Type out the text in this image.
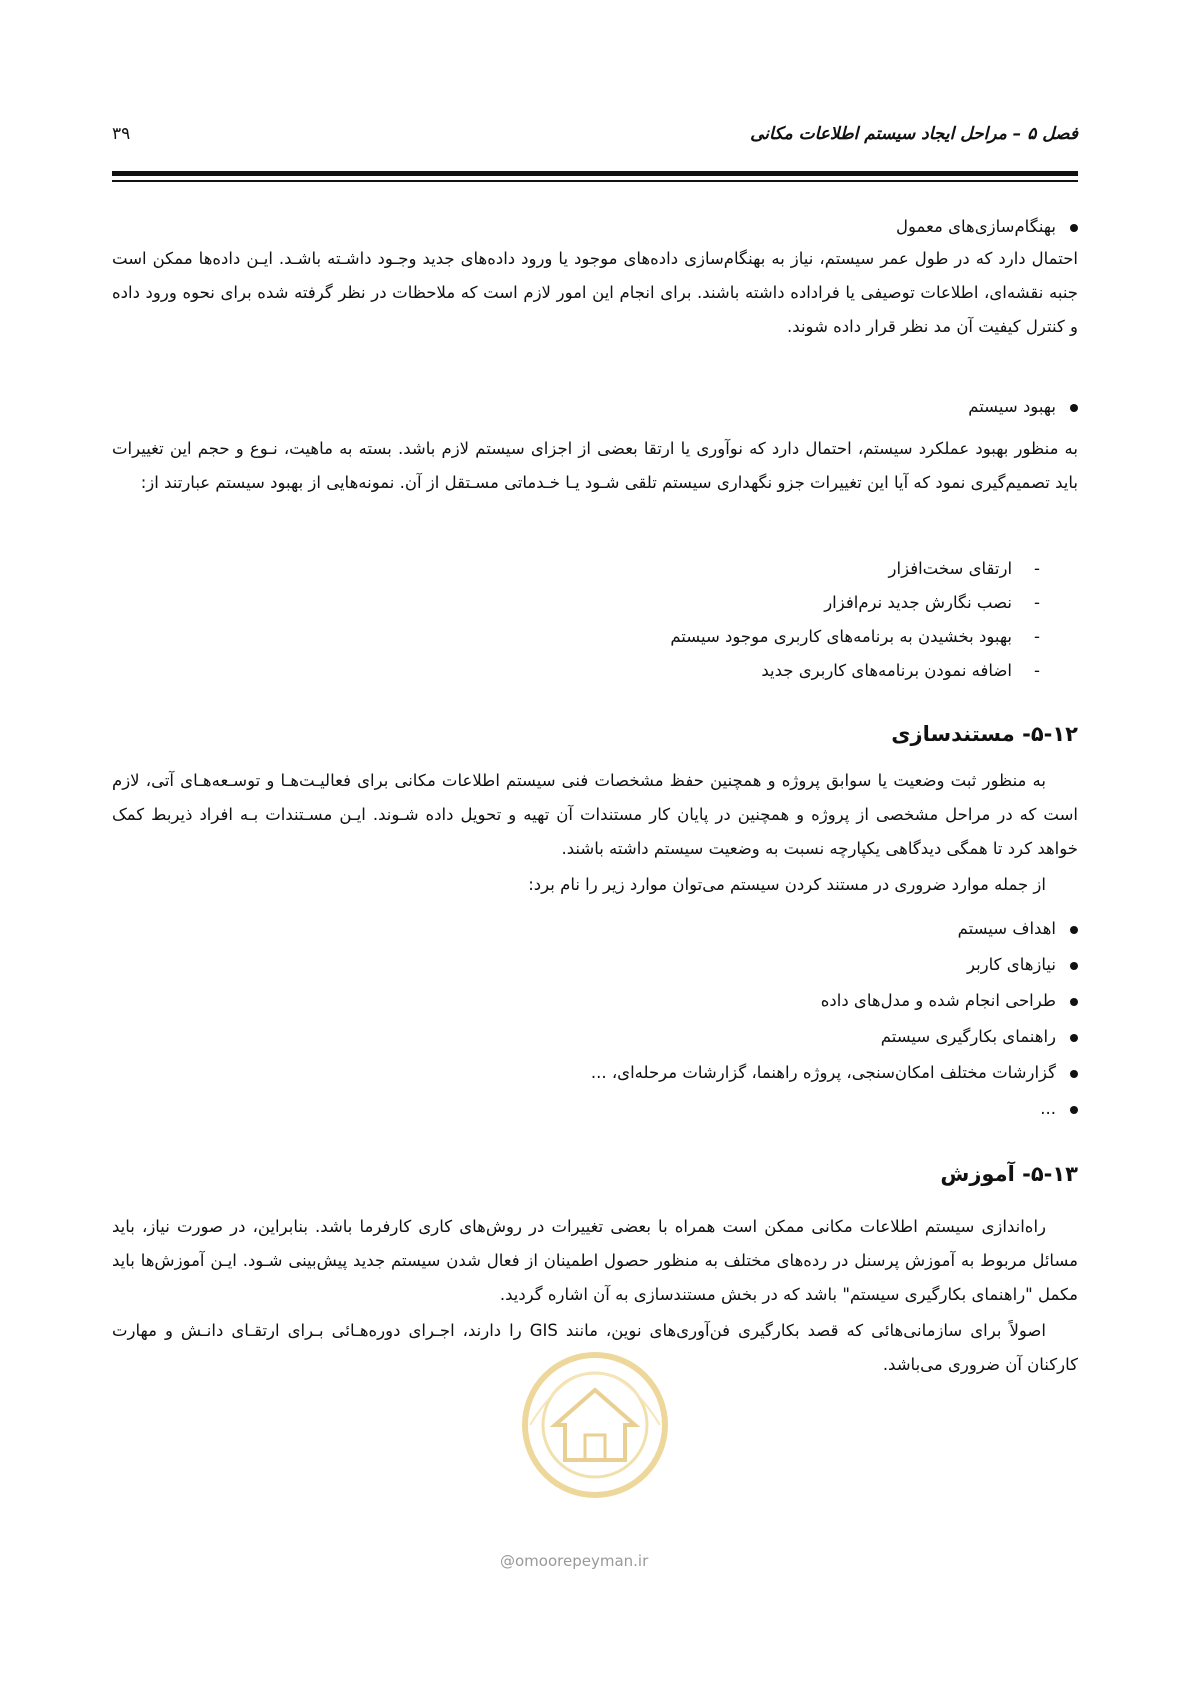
فصل ۵ – مراحل ایجاد سیستم اطلاعات مکانی
۳۹
بهنگام‌سازی‌های معمول
احتمال دارد که در طول عمر سیستم، نیاز به بهنگام‌سازی داده‌های موجود یا ورود داده‌های جدید وجـود داشـته باشـد. ایـن داده‌ها ممکن است جنبه نقشه‌ای، اطلاعات توصیفی یا فراداده داشته باشند. برای انجام این امور لازم است که ملاحظات در نظر گرفته شده برای نحوه ورود داده و کنترل کیفیت آن مد نظر قرار داده شوند.
بهبود سیستم
به منظور بهبود عملکرد سیستم، احتمال دارد که نوآوری یا ارتقا بعضی از اجزای سیستم لازم باشد. بسته به ماهیت، نـوع و حجم این تغییرات باید تصمیم‌گیری نمود که آیا این تغییرات جزو نگهداری سیستم تلقی شـود یـا خـدماتی مسـتقل از آن. نمونه‌هایی از بهبود سیستم عبارتند از:
-ارتقای سخت‌افزار
-نصب نگارش جدید نرم‌افزار
-بهبود بخشیدن به برنامه‌های کاربری موجود سیستم
-اضافه نمودن برنامه‌های کاربری جدید
۵-۱۲- مستندسازی
به منظور ثبت وضعیت یا سوابق پروژه و همچنین حفظ مشخصات فنی سیستم اطلاعات مکانی برای فعالیـت‌هـا و توسـعه‌هـای آتی، لازم است که در مراحل مشخصی از پروژه و همچنین در پایان کار مستندات آن تهیه و تحویل داده شـوند. ایـن مسـتندات بـه افراد ذیربط کمک خواهد کرد تا همگی دیدگاهی یکپارچه نسبت به وضعیت سیستم داشته باشند.
از جمله موارد ضروری در مستند کردن سیستم می‌توان موارد زیر را نام برد:
اهداف سیستم
نیازهای کاربر
طراحی انجام شده و مدل‌های داده
راهنمای بکارگیری سیستم
گزارشات مختلف امکان‌سنجی، پروژه راهنما، گزارشات مرحله‌ای، ...
...
۵-۱۳- آموزش
راه‌اندازی سیستم اطلاعات مکانی ممکن است همراه با بعضی تغییرات در روش‌های کاری کارفرما باشد. بنابراین، در صورت نیاز، باید مسائل مربوط به آموزش پرسنل در رده‌های مختلف به منظور حصول اطمینان از فعال شدن سیستم جدید پیش‌بینی شـود. ایـن آموزش‌ها باید مکمل "راهنمای بکارگیری سیستم" باشد که در بخش مستندسازی به آن اشاره گردید.
اصولاً برای سازمانی‌هائی که قصد بکارگیری فن‌آوری‌های نوین، مانند GIS را دارند، اجـرای دوره‌هـائی بـرای ارتقـای دانـش و مهارت کارکنان آن ضروری می‌باشد.
@omoorepeyman.ir
